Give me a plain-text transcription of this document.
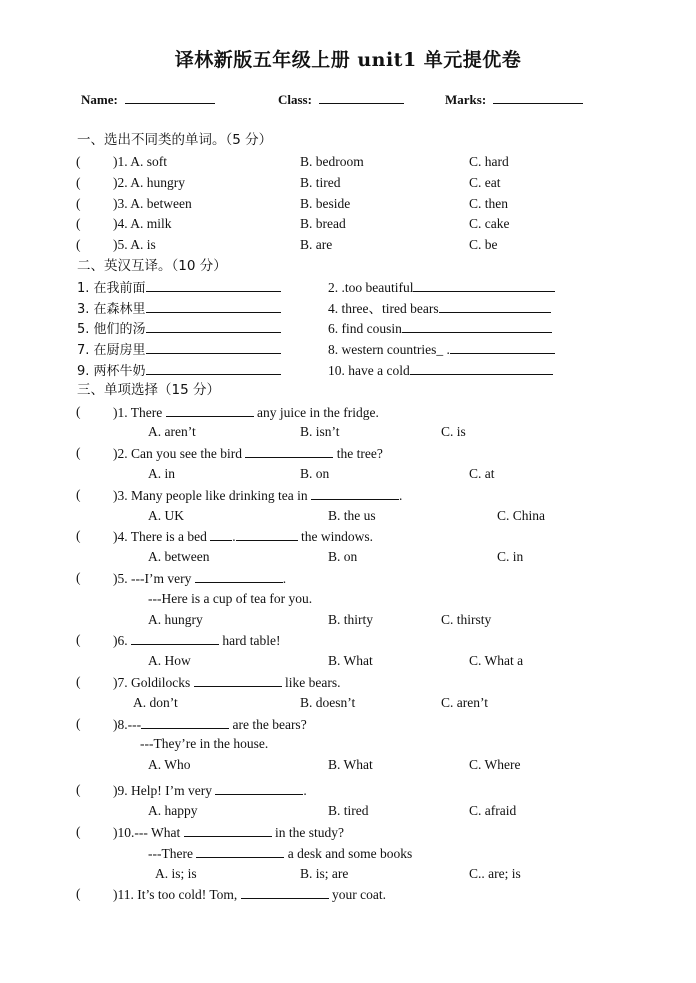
译林新版五年级上册 unit1 单元提优卷
Name:	Class:	Marks:
一、选出不同类的单词。（5 分）
( )1. A. soft	B. bedroom	C. hard
( )2. A. hungry	B. tired	C. eat
( )3. A. between	B. beside	C. then
( )4. A. milk	B. bread	C. cake
( )5. A. is	B. are	C. be
二、英汉互译。（10 分）
1. 在我前面	2. .too beautiful
3. 在森林里	4. three、tired bears
5. 他们的汤	6. find cousin
7. 在厨房里	8. western countries_ .
9. 两杯牛奶	10. have a cold
三、单项选择（15 分）
( )1. There	any juice in the fridge.
A. aren’t	B. isn’t	C. is
( )2. Can you see the bird	the tree?
A. in	B. on	C. at
( )3. Many people like drinking tea in	.
A. UK	B. the us	C. China
( )4. There is a bed .	the windows.
A. between	B. on	C. in
( )5. ---I’m very	.
---Here is a cup of tea for you.
A. hungry	B. thirty	C. thirsty
( )6.	hard table!
A. How	B. What	C. What a
( )7. Goldilocks	like bears.
A. don’t	B. doesn’t	C. aren’t
( )8.---	are the bears?
---They’re in the house.
A. Who	B. What	C. Where
( )9. Help! I’m very	.
A. happy	B. tired	C. afraid
( )10.--- What	in the study?
---There	a desk and some books
A. is; is	B. is; are	C.. are; is
( )11. It’s too cold! Tom,	your coat.
